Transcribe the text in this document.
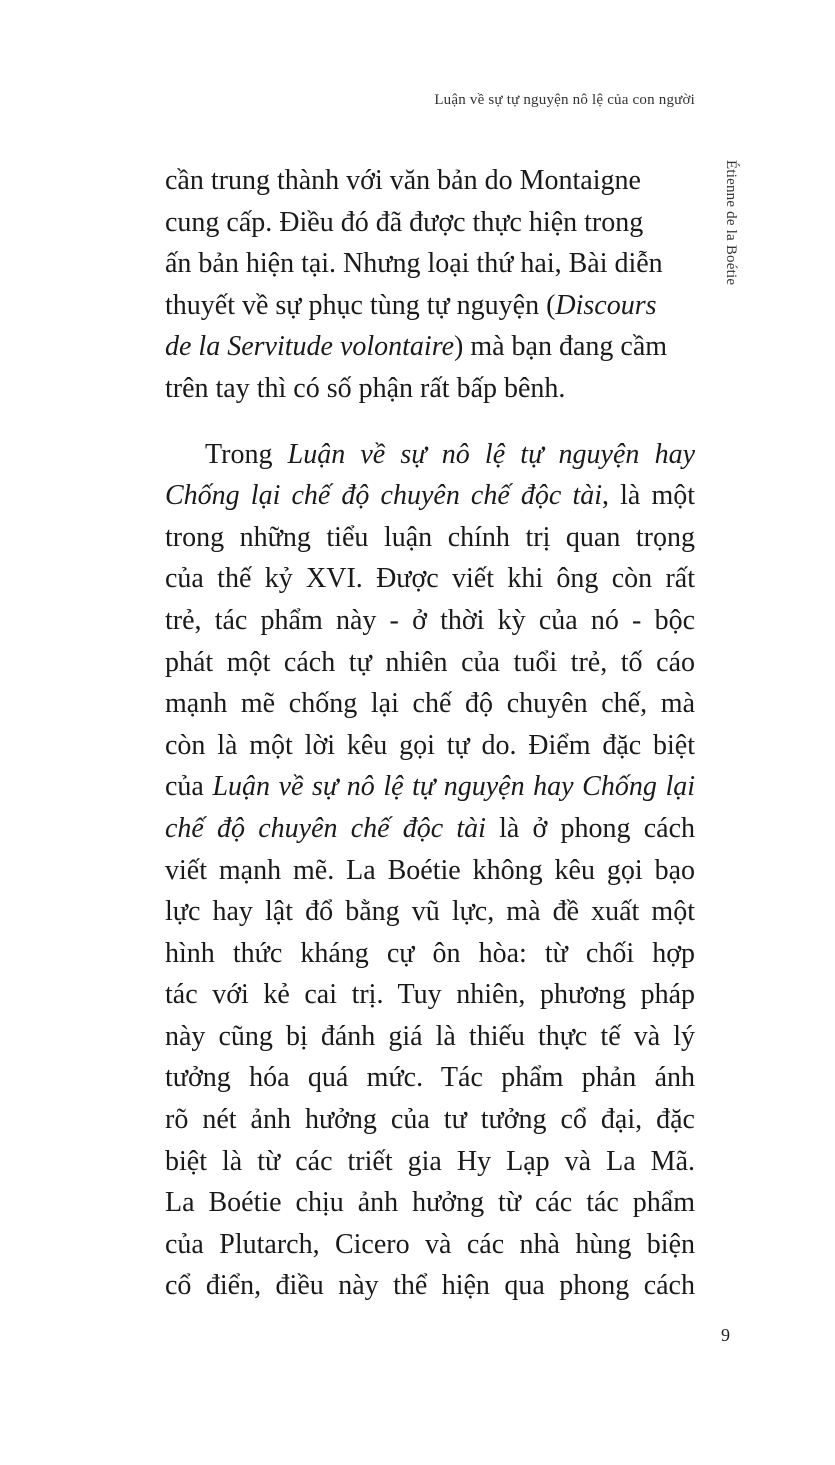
Luận về sự tự nguyện nô lệ của con người
Étienne de la Boétie
cần trung thành với văn bản do Montaigne
cung cấp. Điều đó đã được thực hiện trong
ấn bản hiện tại. Nhưng loại thứ hai, Bài diễn
thuyết về sự phục tùng tự nguyện (Discours
de la Servitude volontaire) mà bạn đang cầm
trên tay thì có số phận rất bấp bênh.
Trong Luận về sự nô lệ tự nguyện hay
Chống lại chế độ chuyên chế độc tài, là một
trong những tiểu luận chính trị quan trọng
của thế kỷ XVI. Được viết khi ông còn rất
trẻ, tác phẩm này - ở thời kỳ của nó - bộc
phát một cách tự nhiên của tuổi trẻ, tố cáo
mạnh mẽ chống lại chế độ chuyên chế, mà
còn là một lời kêu gọi tự do. Điểm đặc biệt
của Luận về sự nô lệ tự nguyện hay Chống lại
chế độ chuyên chế độc tài là ở phong cách
viết mạnh mẽ. La Boétie không kêu gọi bạo
lực hay lật đổ bằng vũ lực, mà đề xuất một
hình thức kháng cự ôn hòa: từ chối hợp
tác với kẻ cai trị. Tuy nhiên, phương pháp
này cũng bị đánh giá là thiếu thực tế và lý
tưởng hóa quá mức. Tác phẩm phản ánh
rõ nét ảnh hưởng của tư tưởng cổ đại, đặc
biệt là từ các triết gia Hy Lạp và La Mã.
La Boétie chịu ảnh hưởng từ các tác phẩm
của Plutarch, Cicero và các nhà hùng biện
cổ điển, điều này thể hiện qua phong cách
9
